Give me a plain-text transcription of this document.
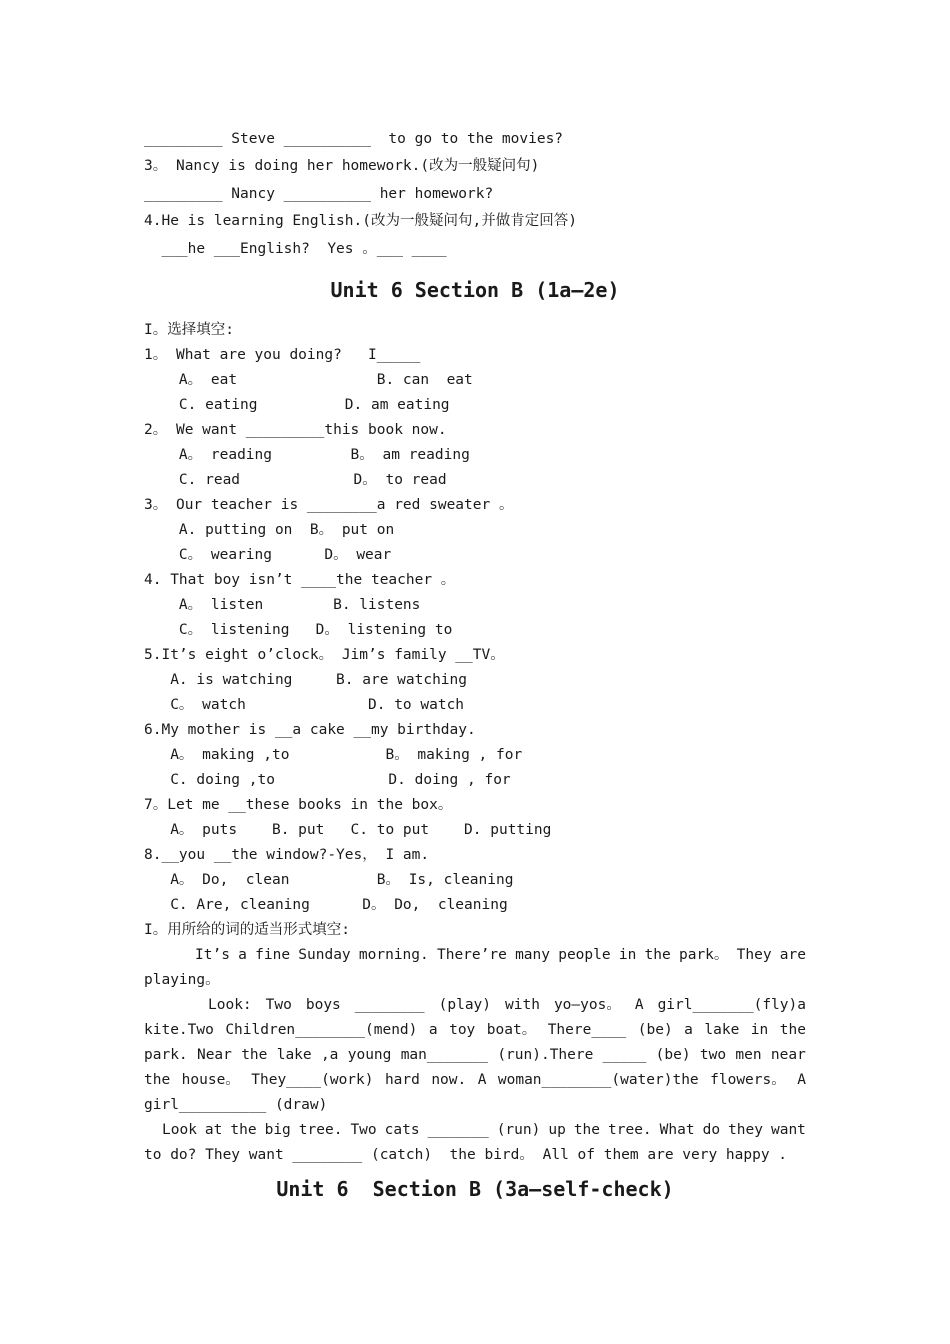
_________ Steve __________  to go to the movies?
3。 Nancy is doing her homework.(改为一般疑问句)
_________ Nancy __________ her homework?
4.He is learning English.(改为一般疑问句,并做肯定回答)
___he ___English?  Yes 。___ ____
Unit 6 Section B (1a—2e)
I。选择填空:
1。 What are you doing?   I_____
A。 eat                B. can  eat
C. eating          D. am eating
2。 We want _________this book now.
A。 reading         B。 am reading
C. read             D。 to read
3。 Our teacher is ________a red sweater 。
A. putting on  B。 put on
C。 wearing      D。 wear
4. That boy isn’t ____the teacher 。
A。 listen        B. listens
C。 listening   D。 listening to
5.It’s eight o’clock。 Jim’s family __TV。
A. is watching     B. are watching
C。 watch              D. to watch
6.My mother is __a cake __my birthday.
A。 making ,to           B。 making , for
C. doing ,to             D. doing , for
7。Let me __these books in the box。
A。 puts    B. put   C. to put    D. putting
8.__you __the window?-Yes， I am.
A。 Do,  clean          B。 Is, cleaning
C. Are, cleaning      D。 Do,  cleaning
I。用所给的词的适当形式填空:
It’s a fine Sunday morning. There’re many people in the park。 They are
playing。
Look: Two boys ________ (play) with yo—yos。 A girl_______(fly)a
kite.Two Children________(mend) a toy boat。 There____ (be) a lake in the
park. Near the lake ,a young man_______ (run).There _____ (be) two men near
the house。 They____(work) hard now. A woman________(water)the flowers。 A
girl__________ (draw)
Look at the big tree. Two cats _______ (run) up the tree. What do they want
to do? They want ________ (catch)  the bird。 All of them are very happy .
Unit 6  Section B (3a—self-check)
